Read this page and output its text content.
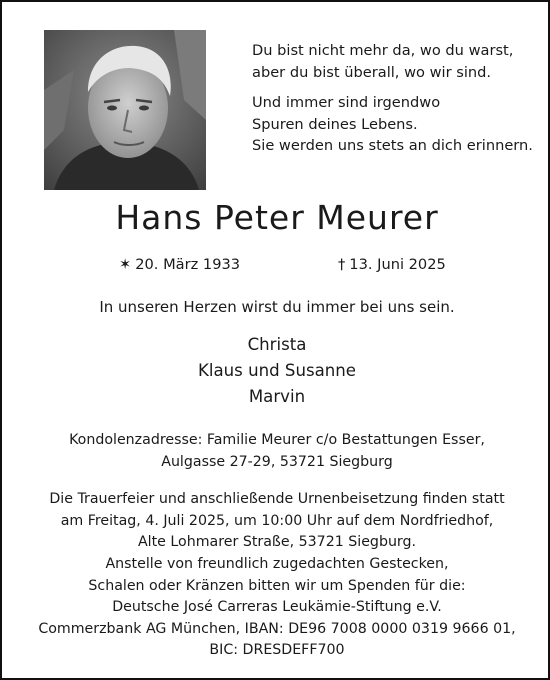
Du bist nicht mehr da, wo du warst,
aber du bist überall, wo wir sind.
Und immer sind irgendwo
Spuren deines Lebens.
Sie werden uns stets an dich erinnern.
Hans Peter Meurer
✶ 20. März 1933	† 13. Juni 2025
In unseren Herzen wirst du immer bei uns sein.
Christa
Klaus und Susanne
Marvin
Kondolenzadresse: Familie Meurer c/o Bestattungen Esser,
Aulgasse 27-29, 53721 Siegburg
Die Trauerfeier und anschließende Urnenbeisetzung finden statt
am Freitag, 4. Juli 2025, um 10:00 Uhr auf dem Nordfriedhof,
Alte Lohmarer Straße, 53721 Siegburg.
Anstelle von freundlich zugedachten Gestecken,
Schalen oder Kränzen bitten wir um Spenden für die:
Deutsche José Carreras Leukämie-Stiftung e.V.
Commerzbank AG München, IBAN: DE96 7008 0000 0319 9666 01,
BIC: DRESDEFF700
